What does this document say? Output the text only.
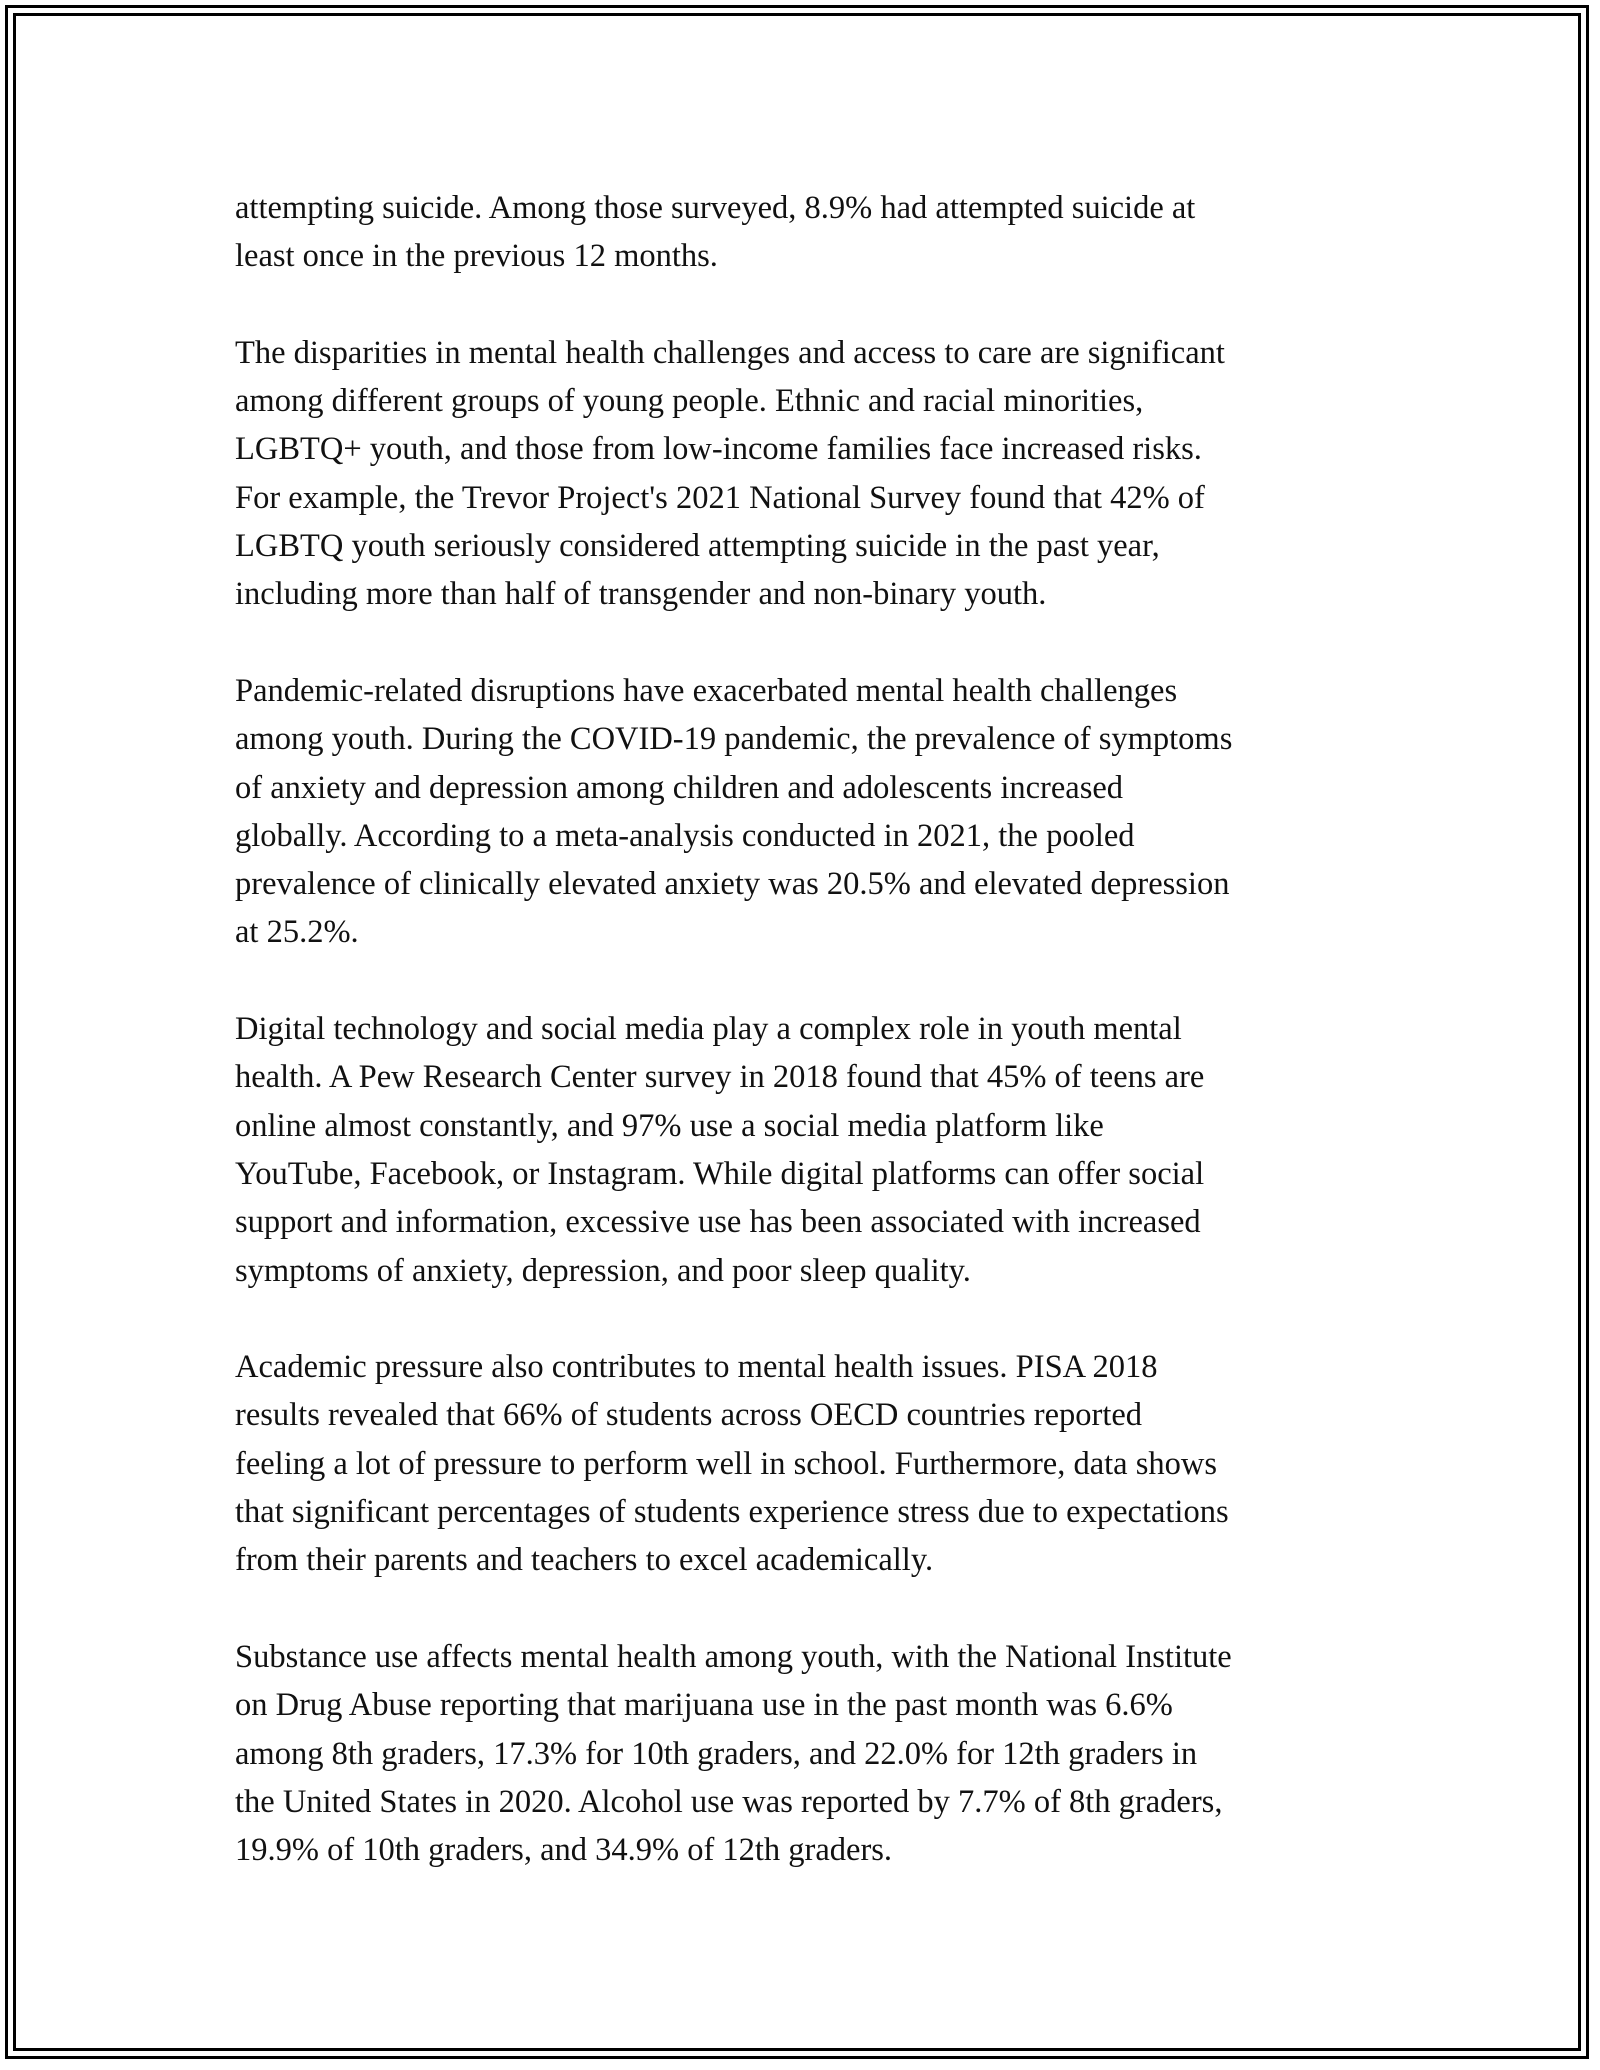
attempting suicide. Among those surveyed, 8.9% had attempted suicide at
least once in the previous 12 months.

The disparities in mental health challenges and access to care are significant
among different groups of young people. Ethnic and racial minorities,
LGBTQ+ youth, and those from low-income families face increased risks.
For example, the Trevor Project's 2021 National Survey found that 42% of
LGBTQ youth seriously considered attempting suicide in the past year,
including more than half of transgender and non-binary youth.

Pandemic-related disruptions have exacerbated mental health challenges
among youth. During the COVID-19 pandemic, the prevalence of symptoms
of anxiety and depression among children and adolescents increased
globally. According to a meta-analysis conducted in 2021, the pooled
prevalence of clinically elevated anxiety was 20.5% and elevated depression
at 25.2%.

Digital technology and social media play a complex role in youth mental
health. A Pew Research Center survey in 2018 found that 45% of teens are
online almost constantly, and 97% use a social media platform like
YouTube, Facebook, or Instagram. While digital platforms can offer social
support and information, excessive use has been associated with increased
symptoms of anxiety, depression, and poor sleep quality.

Academic pressure also contributes to mental health issues. PISA 2018
results revealed that 66% of students across OECD countries reported
feeling a lot of pressure to perform well in school. Furthermore, data shows
that significant percentages of students experience stress due to expectations
from their parents and teachers to excel academically.

Substance use affects mental health among youth, with the National Institute
on Drug Abuse reporting that marijuana use in the past month was 6.6%
among 8th graders, 17.3% for 10th graders, and 22.0% for 12th graders in
the United States in 2020. Alcohol use was reported by 7.7% of 8th graders,
19.9% of 10th graders, and 34.9% of 12th graders.
